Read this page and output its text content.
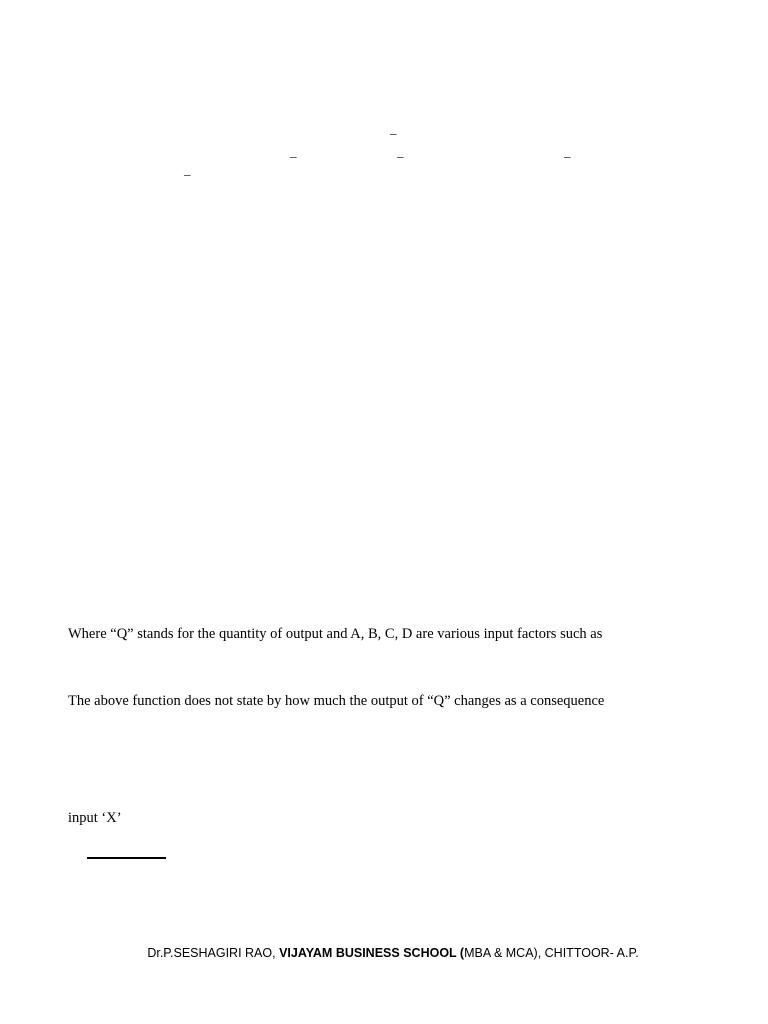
_
_	_	_
_
Where “Q” stands for the quantity of output and A, B, C, D are various input factors such as
The above function does not state by how much the output of “Q” changes as a consequence
input ‘X’
Dr.P.SESHAGIRI RAO, VIJAYAM BUSINESS SCHOOL (MBA & MCA), CHITTOOR- A.P.
